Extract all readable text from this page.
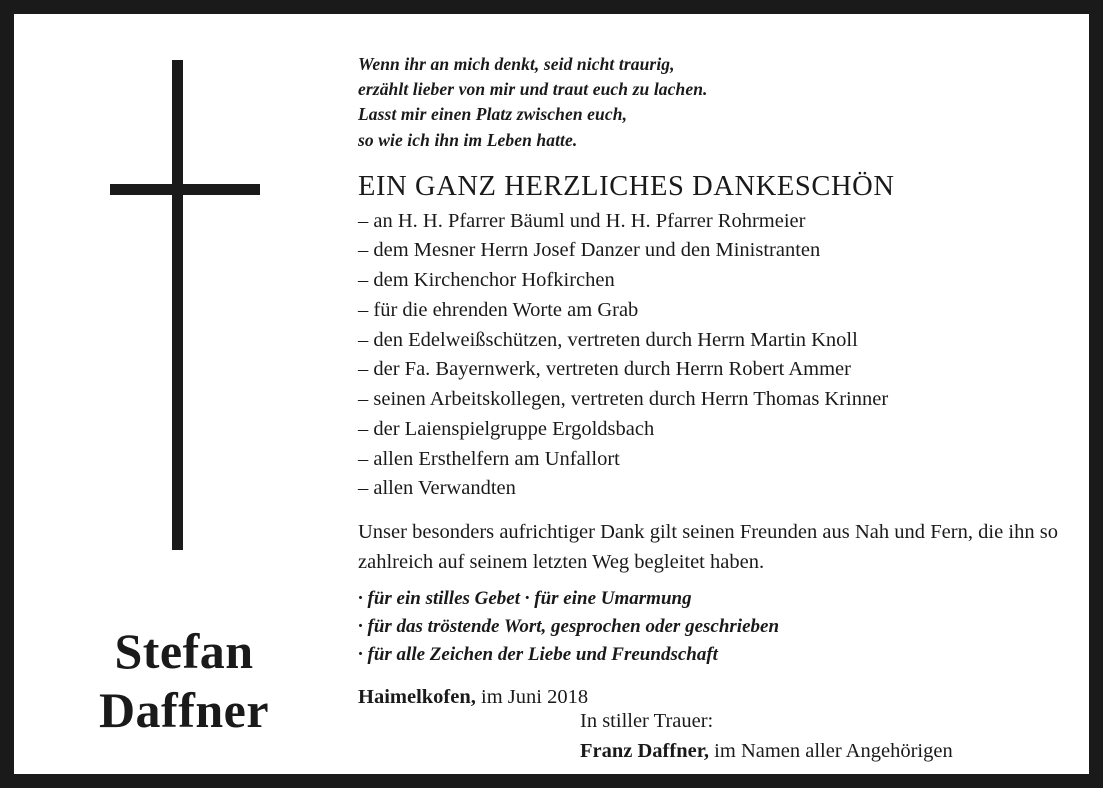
Stefan
Daffner
Wenn ihr an mich denkt, seid nicht traurig,
erzählt lieber von mir und traut euch zu lachen.
Lasst mir einen Platz zwischen euch,
so wie ich ihn im Leben hatte.
EIN GANZ HERZLICHES DANKESCHÖN
– an H. H. Pfarrer Bäuml und H. H. Pfarrer Rohrmeier
– dem Mesner Herrn Josef Danzer und den Ministranten
– dem Kirchenchor Hofkirchen
– für die ehrenden Worte am Grab
– den Edelweißschützen, vertreten durch Herrn Martin Knoll
– der Fa. Bayernwerk, vertreten durch Herrn Robert Ammer
– seinen Arbeitskollegen, vertreten durch Herrn Thomas Krinner
– der Laienspielgruppe Ergoldsbach
– allen Ersthelfern am Unfallort
– allen Verwandten
Unser besonders aufrichtiger Dank gilt seinen Freunden aus Nah und Fern, die ihn so zahlreich auf seinem letzten Weg begleitet haben.
· für ein stilles Gebet · für eine Umarmung
· für das tröstende Wort, gesprochen oder geschrieben
· für alle Zeichen der Liebe und Freundschaft
Haimelkofen, im Juni 2018
In stiller Trauer:
Franz Daffner, im Namen aller Angehörigen
